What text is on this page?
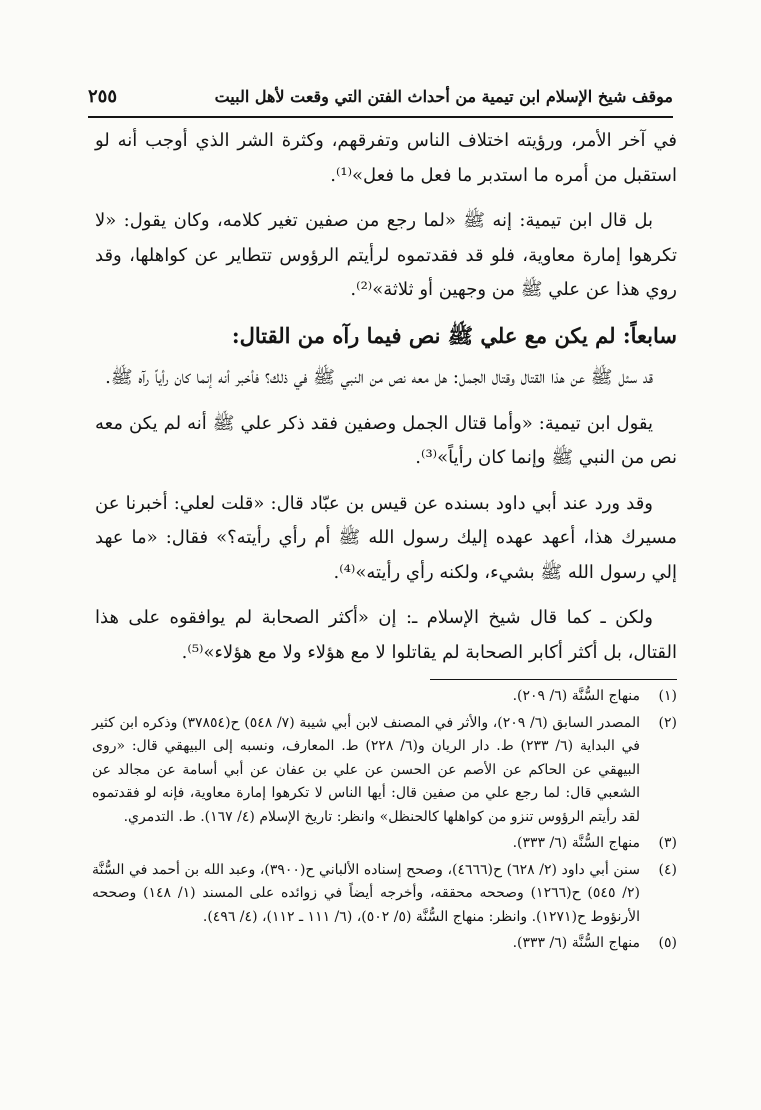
موقف شيخ الإسلام ابن تيمية من أحداث الفتن التي وقعت لأهل البيت
٢٥٥

في آخر الأمر، ورؤيته اختلاف الناس وتفرقهم، وكثرة الشر الذي أوجب أنه لو استقبل من أمره ما استدبر ما فعل ما فعل»⁽¹⁾.

بل قال ابن تيمية: إنه ﷺ «لما رجع من صفين تغير كلامه، وكان يقول: «لا تكرهوا إمارة معاوية، فلو قد فقدتموه لرأيتم الرؤوس تتطاير عن كواهلها، وقد روي هذا عن علي ﷺ من وجهين أو ثلاثة»⁽²⁾.

سابعاً: لم يكن مع علي ﷺ نص فيما رآه من القتال:

قد سئل ﷺ عن هذا القتال وقتال الجمل: هل معه نص من النبي ﷺ في ذلك؟ فأخبر أنه إنما كان رأياً رآه ﷺ.

يقول ابن تيمية: «وأما قتال الجمل وصفين فقد ذكر علي ﷺ أنه لم يكن معه نص من النبي ﷺ وإنما كان رأياً»⁽³⁾.

وقد ورد عند أبي داود بسنده عن قيس بن عبّاد قال: «قلت لعلي: أخبرنا عن مسيرك هذا، أعهد عهده إليك رسول الله ﷺ أم رأي رأيته؟» فقال: «ما عهد إلي رسول الله ﷺ بشيء، ولكنه رأي رأيته»⁽⁴⁾.

ولكن ـ كما قال شيخ الإسلام ـ: إن «أكثر الصحابة لم يوافقوه على هذا القتال، بل أكثر أكابر الصحابة لم يقاتلوا لا مع هؤلاء ولا مع هؤلاء»⁽⁵⁾.

(١)
منهاج السُّنَّة (٦/ ٢٠٩).
(٢)
المصدر السابق (٦/ ٢٠٩)، والأثر في المصنف لابن أبي شيبة (٧/ ٥٤٨) ح(٣٧٨٥٤) وذكره ابن كثير في البداية (٦/ ٢٣٣) ط. دار الريان و(٦/ ٢٢٨) ط. المعارف، ونسبه إلى البيهقي قال: «روى البيهقي عن الحاكم عن الأصم عن الحسن عن علي بن عفان عن أبي أسامة عن مجالد عن الشعبي قال: لما رجع علي من صفين قال: أيها الناس لا تكرهوا إمارة معاوية، فإنه لو فقدتموه لقد رأيتم الرؤوس تنزو من كواهلها كالحنظل» وانظر: تاريخ الإسلام (٤/ ١٦٧). ط. التدمري.
(٣)
منهاج السُّنَّة (٦/ ٣٣٣).
(٤)
سنن أبي داود (٢/ ٦٢٨) ح(٤٦٦٦)، وصحح إسناده الألباني ح(٣٩٠٠)، وعبد الله بن أحمد في السُّنَّة (٢/ ٥٤٥) ح(١٢٦٦) وصححه محققه، وأخرجه أيضاً في زوائده على المسند (١/ ١٤٨) وصححه الأرنؤوط ح(١٢٧١). وانظر: منهاج السُّنَّة (٥/ ٥٠٢)، (٦/ ١١١ ـ ١١٢)، (٤/ ٤٩٦).
(٥)
منهاج السُّنَّة (٦/ ٣٣٣).
